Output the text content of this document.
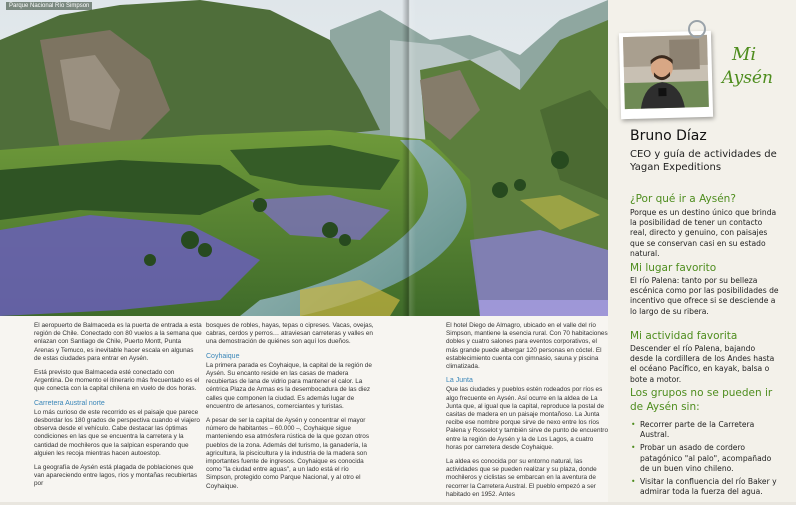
Parque Nacional Río Simpson

El aeropuerto de Balmaceda es la puerta de entrada a esta región de Chile. Conectado con 80 vuelos a la semana que enlazan con Santiago de Chile, Puerto Montt, Punta Arenas y Temuco, es inevitable hacer escala en algunas de estas ciudades para entrar en Aysén.

Está previsto que Balmaceda esté conectado con Argentina. De momento el itinerario más frecuentado es el que conecta con la capital chilena en vuelo de dos horas.

Carretera Austral norte

Lo más curioso de este recorrido es el paisaje que parece desbordar los 180 grados de perspectiva cuando el viajero observa desde el vehículo. Cabe destacar las óptimas condiciones en las que se encuentra la carretera y la cantidad de mochileros que la salpican esperando que alguien les recoja mientras hacen autoestop.

La geografía de Aysén está plagada de poblaciones que van apareciendo entre lagos, ríos y montañas recubiertas por

bosques de robles, hayas, tepas o cipreses. Vacas, ovejas, cabras, cerdos y perros… atraviesan carreteras y valles en una demostración de quiénes son aquí los dueños.

Coyhaique

La primera parada es Coyhaique, la capital de la región de Aysén. Su encanto reside en las casas de madera recubiertas de lana de vidrio para mantener el calor. La céntrica Plaza de Armas es la desembocadura de las diez calles que componen la ciudad. Es además lugar de encuentro de artesanos, comerciantes y turistas.

A pesar de ser la capital de Aysén y concentrar el mayor número de habitantes – 60.000 –, Coyhaique sigue manteniendo esa atmósfera rústica de la que gozan otros pueblos de la zona. Además del turismo, la ganadería, la agricultura, la piscicultura y la industria de la madera son importantes fuente de ingresos. Coyhaique es conocida como "la ciudad entre aguas", a un lado está el río Simpson, protegido como Parque Nacional, y al otro el Coyhaique.

El hotel Diego de Almagro, ubicado en el valle del río Simpson, mantiene la esencia rural. Con 70 habitaciones dobles y cuatro salones para eventos corporativos, el más grande puede albergar 120 personas en cóctel. El establecimiento cuenta con gimnasio, sauna y piscina climatizada.

La Junta

Que las ciudades y pueblos estén rodeados por ríos es algo frecuente en Aysén. Así ocurre en la aldea de La Junta que, al igual que la capital, reproduce la postal de casitas de madera en un paisaje montañoso. La Junta recibe ese nombre porque sirve de nexo entre los ríos Palena y Rosselot y también sirve de punto de encuentro entre la región de Aysén y la de Los Lagos, a cuatro horas por carretera desde Coyhaique.

La aldea es conocida por su entorno natural, las actividades que se pueden realizar y su plaza, donde mochileros y ciclistas se embarcan en la aventura de recorrer la Carretera Austral. El pueblo empezó a ser habitado en 1952. Antes

Mi
Aysén
Bruno Díaz
CEO y guía de actividades de Yagan Expeditions
¿Por qué ir a Aysén?
Porque es un destino único que brinda la posibilidad de tener un contacto real, directo y genuino, con paisajes que se conservan casi en su estado natural.
Mi lugar favorito
El río Palena: tanto por su belleza escénica como por las posibilidades de incentivo que ofrece si se desciende a lo largo de su ribera.
Mi actividad favorita
Descender el río Palena, bajando desde la cordillera de los Andes hasta el océano Pacífico, en kayak, balsa o bote a motor.
Los grupos no se pueden ir de Aysén sin:
• Recorrer parte de la Carretera Austral.
• Probar un asado de cordero patagónico "al palo", acompañado de un buen vino chileno.
• Visitar la confluencia del río Baker y admirar toda la fuerza del agua.
